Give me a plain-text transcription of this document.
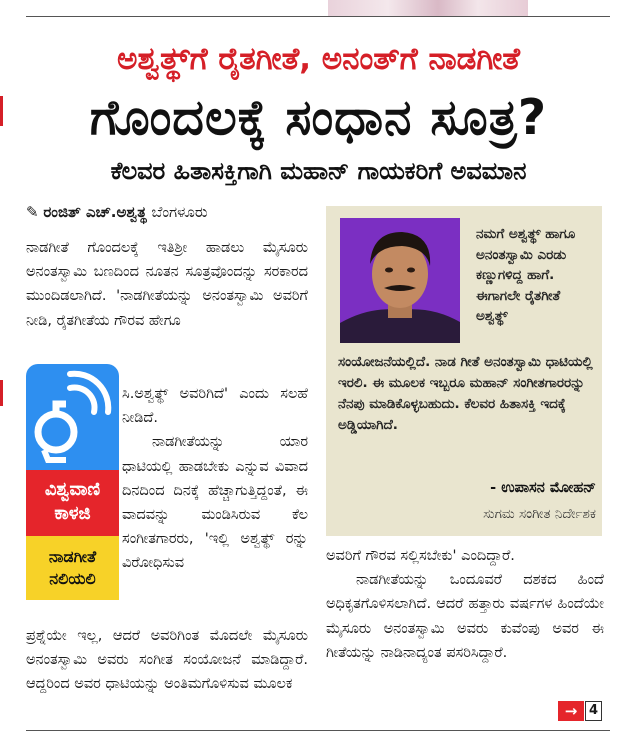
ಅಶ್ವತ್ಥ್‌ಗೆ ರೈತಗೀತೆ, ಅನಂತ್‌ಗೆ ನಾಡಗೀತೆ
ಗೊಂದಲಕ್ಕೆ ಸಂಧಾನ ಸೂತ್ರ?
ಕೆಲವರ ಹಿತಾಸಕ್ತಿಗಾಗಿ ಮಹಾನ್ ಗಾಯಕರಿಗೆ ಅವಮಾನ
✎ ರಂಜಿತ್ ಎಚ್.ಅಶ್ವತ್ಥ ಬೆಂಗಳೂರು

ನಾಡಗೀತೆ ಗೊಂದಲಕ್ಕೆ ಇತಿಶ್ರೀ ಹಾಡಲು ಮೈಸೂರು ಅನಂತಸ್ವಾಮಿ ಬಣದಿಂದ ನೂತನ ಸೂತ್ರವೊಂದನ್ನು ಸರಕಾರದ ಮುಂದಿಡಲಾಗಿದೆ. 'ನಾಡಗೀತೆಯನ್ನು ಅನಂತಸ್ವಾಮಿ ಅವರಿಗೆ ನೀಡಿ, ರೈತಗೀತೆಯ ಗೌರವ ಹೇಗೂ

ವಿಶ್ವವಾಣಿ ಕಾಳಜಿ
ನಾಡಗೀತೆ ನಲಿಯಲಿ

ಸಿ.ಅಶ್ವತ್ಥ್ ಅವರಿಗಿದೆ' ಎಂದು ಸಲಹೆ ನೀಡಿದೆ.

ನಾಡಗೀತೆಯನ್ನು ಯಾರ ಧಾಟಿಯಲ್ಲಿ ಹಾಡಬೇಕು ಎನ್ನುವ ವಿವಾದ ದಿನದಿಂದ ದಿನಕ್ಕೆ ಹೆಚ್ಚಾಗುತ್ತಿದ್ದಂತೆ, ಈ ವಾದವನ್ನು ಮಂಡಿಸಿರುವ ಕೆಲ ಸಂಗೀತಗಾರರು, 'ಇಲ್ಲಿ ಅಶ್ವತ್ಥ್ ರನ್ನು ವಿರೋಧಿಸುವ

ಪ್ರಶ್ನೆಯೇ ಇಲ್ಲ, ಆದರೆ ಅವರಿಗಿಂತ ಮೊದಲೇ ಮೈಸೂರು ಅನಂತಸ್ವಾಮಿ ಅವರು ಸಂಗೀತ ಸಂಯೋಜನೆ ಮಾಡಿದ್ದಾರೆ. ಆದ್ದರಿಂದ ಅವರ ಧಾಟಿಯನ್ನು ಅಂತಿಮಗೊಳಿಸುವ ಮೂಲಕ
ನಮಗೆ ಅಶ್ವತ್ಥ್ ಹಾಗೂ ಅನಂತಸ್ವಾಮಿ ಎರಡು ಕಣ್ಣುಗಳಿದ್ದ ಹಾಗೆ. ಈಗಾಗಲೇ ರೈತಗೀತೆ ಅಶ್ವತ್ಥ್
ಸಂಯೋಜನೆಯಲ್ಲಿದೆ. ನಾಡ ಗೀತೆ ಅನಂತಸ್ವಾಮಿ ಧಾಟಿಯಲ್ಲಿ ಇರಲಿ. ಈ ಮೂಲಕ ಇಬ್ಬರೂ ಮಹಾನ್ ಸಂಗೀತಗಾರರನ್ನು ನೆನಪು ಮಾಡಿಕೊಳ್ಳಬಹುದು. ಕೆಲವರ ಹಿತಾಸಕ್ತಿ ಇದಕ್ಕೆ ಅಡ್ಡಿಯಾಗಿದೆ.
- ಉಪಾಸನ ಮೋಹನ್
ಸುಗಮ ಸಂಗೀತ ನಿರ್ದೇಶಕ

ಅವರಿಗೆ ಗೌರವ ಸಲ್ಲಿಸಬೇಕು' ಎಂದಿದ್ದಾರೆ.

ನಾಡಗೀತೆಯನ್ನು ಒಂದೂವರೆ ದಶಕದ ಹಿಂದೆ ಅಧಿಕೃತಗೊಳಿಸಲಾಗಿದೆ. ಆದರೆ ಹತ್ತಾರು ವರ್ಷಗಳ ಹಿಂದೆಯೇ ಮೈಸೂರು ಅನಂತಸ್ವಾಮಿ ಅವರು ಕುವೆಂಪು ಅವರ ಈ ಗೀತೆಯನ್ನು ನಾಡಿನಾದ್ಯಂತ ಪಸರಿಸಿದ್ದಾರೆ.

→ 4
